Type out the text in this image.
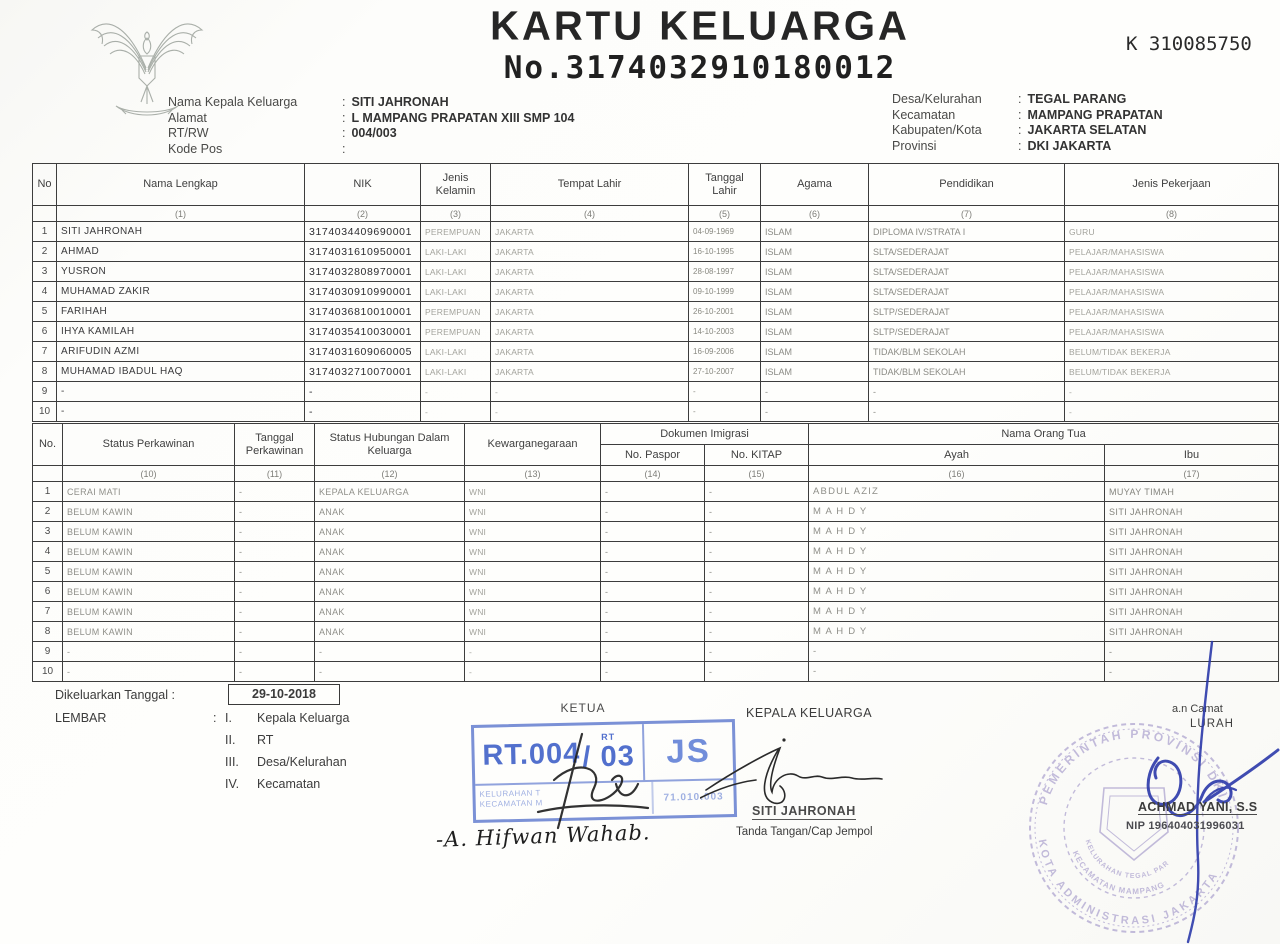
KARTU KELUARGA
No.3174032910180012
K 310085750
Nama Kepala Keluarga	: SITI JAHRONAH
Alamat	: L MAMPANG PRAPATAN XIII SMP 104
RT/RW	: 004/003
Kode Pos	:
Desa/Kelurahan	: TEGAL PARANG
Kecamatan	: MAMPANG PRAPATAN
Kabupaten/Kota	: JAKARTA SELATAN
Provinsi	: DKI JAKARTA
No	Nama Lengkap	NIK	Jenis Kelamin	Tempat Lahir	Tanggal Lahir	Agama	Pendidikan	Jenis Pekerjaan
	(1)	(2)	(3)	(4)	(5)	(6)	(7)	(8)
1	SITI JAHRONAH	3174034409690001	PEREMPUAN	JAKARTA	04-09-1969	ISLAM	DIPLOMA IV/STRATA I	GURU
2	AHMAD	3174031610950001	LAKI-LAKI	JAKARTA	16-10-1995	ISLAM	SLTA/SEDERAJAT	PELAJAR/MAHASISWA
3	YUSRON	3174032808970001	LAKI-LAKI	JAKARTA	28-08-1997	ISLAM	SLTA/SEDERAJAT	PELAJAR/MAHASISWA
4	MUHAMAD ZAKIR	3174030910990001	LAKI-LAKI	JAKARTA	09-10-1999	ISLAM	SLTA/SEDERAJAT	PELAJAR/MAHASISWA
5	FARIHAH	3174036810010001	PEREMPUAN	JAKARTA	26-10-2001	ISLAM	SLTP/SEDERAJAT	PELAJAR/MAHASISWA
6	IHYA KAMILAH	3174035410030001	PEREMPUAN	JAKARTA	14-10-2003	ISLAM	SLTP/SEDERAJAT	PELAJAR/MAHASISWA
7	ARIFUDIN AZMI	3174031609060005	LAKI-LAKI	JAKARTA	16-09-2006	ISLAM	TIDAK/BLM SEKOLAH	BELUM/TIDAK BEKERJA
8	MUHAMAD IBADUL HAQ	3174032710070001	LAKI-LAKI	JAKARTA	27-10-2007	ISLAM	TIDAK/BLM SEKOLAH	BELUM/TIDAK BEKERJA
9	-	-	-	-	-	-	-	-
10	-	-	-	-	-	-	-	-
No.	Status Perkawinan	Tanggal Perkawinan	Status Hubungan Dalam Keluarga	Kewarganegaraan	Dokumen Imigrasi		Nama Orang Tua	
					No. Paspor	No. KITAP	Ayah	Ibu
	(10)	(11)	(12)	(13)	(14)	(15)	(16)	(17)
1	CERAI MATI	-	KEPALA KELUARGA	WNI	-	-	ABDUL AZIZ	MUYAY TIMAH
2	BELUM KAWIN	-	ANAK	WNI	-	-	M A H D Y	SITI JAHRONAH
3	BELUM KAWIN	-	ANAK	WNI	-	-	M A H D Y	SITI JAHRONAH
4	BELUM KAWIN	-	ANAK	WNI	-	-	M A H D Y	SITI JAHRONAH
5	BELUM KAWIN	-	ANAK	WNI	-	-	M A H D Y	SITI JAHRONAH
6	BELUM KAWIN	-	ANAK	WNI	-	-	M A H D Y	SITI JAHRONAH
7	BELUM KAWIN	-	ANAK	WNI	-	-	M A H D Y	SITI JAHRONAH
8	BELUM KAWIN	-	ANAK	WNI	-	-	M A H D Y	SITI JAHRONAH
9	-	-	-	-	-	-	-	-
10	-	-	-	-	-	-	-	-
Dikeluarkan Tanggal :	29-10-2018
LEMBAR	: I.	Kepala Keluarga
II.	RT
III.	Desa/Kelurahan
IV.	Kecamatan
KETUA
RT.004
RT
/ 03 JS
KELURAHAN T
KECAMATAN M
71.010.003
-A. Hifwan Wahab.
KEPALA KELUARGA
SITI JAHRONAH
Tanda Tangan/Cap Jempol
a.n Camat
LURAH
PEMERINTAH PROVINSI DKI
KOTA ADMINISTRASI JAKARTA
KECAMATAN MAMPANG
KELURAHAN TEGAL PAR
ACHMAD YANI, S.S
NIP 196404031996031
